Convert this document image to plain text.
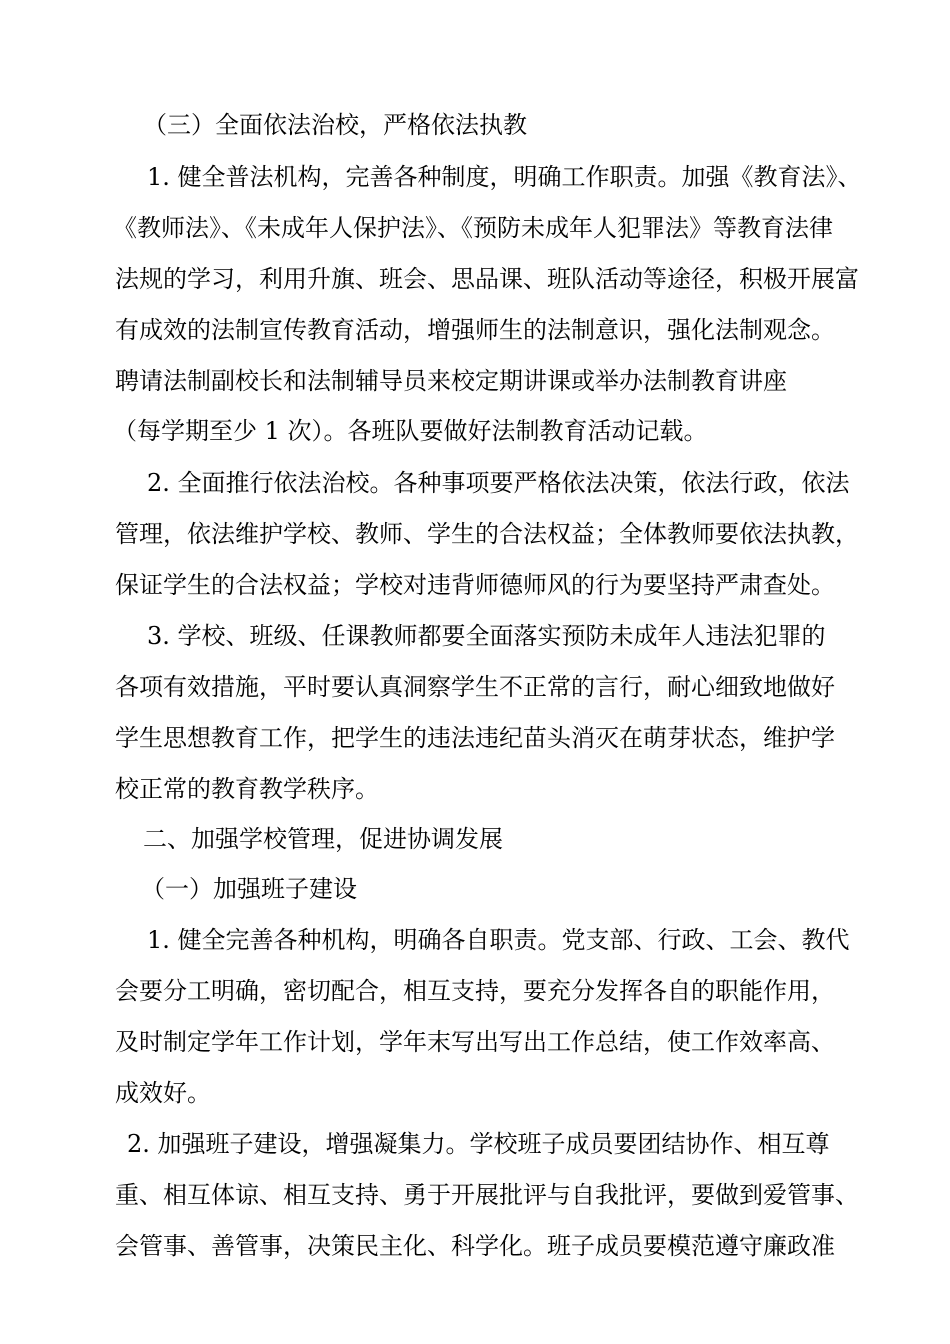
（三）全面依法治校，严格依法执教
1. 健全普法机构，完善各种制度，明确工作职责。加强《教育法》、
《教师法》、《未成年人保护法》、《预防未成年人犯罪法》等教育法律
法规的学习，利用升旗、班会、思品课、班队活动等途径，积极开展富
有成效的法制宣传教育活动，增强师生的法制意识，强化法制观念。
聘请法制副校长和法制辅导员来校定期讲课或举办法制教育讲座
（每学期至少 1 次）。各班队要做好法制教育活动记载。
2. 全面推行依法治校。各种事项要严格依法决策，依法行政，依法
管理，依法维护学校、教师、学生的合法权益；全体教师要依法执教，
保证学生的合法权益；学校对违背师德师风的行为要坚持严肃查处。
3. 学校、班级、任课教师都要全面落实预防未成年人违法犯罪的
各项有效措施，平时要认真洞察学生不正常的言行，耐心细致地做好
学生思想教育工作，把学生的违法违纪苗头消灭在萌芽状态，维护学
校正常的教育教学秩序。
二、加强学校管理，促进协调发展
（一）加强班子建设
1. 健全完善各种机构，明确各自职责。党支部、行政、工会、教代
会要分工明确，密切配合，相互支持，要充分发挥各自的职能作用，
及时制定学年工作计划，学年末写出写出工作总结，使工作效率高、
成效好。
2. 加强班子建设，增强凝集力。学校班子成员要团结协作、相互尊
重、相互体谅、相互支持、勇于开展批评与自我批评，要做到爱管事、
会管事、善管事，决策民主化、科学化。班子成员要模范遵守廉政准
